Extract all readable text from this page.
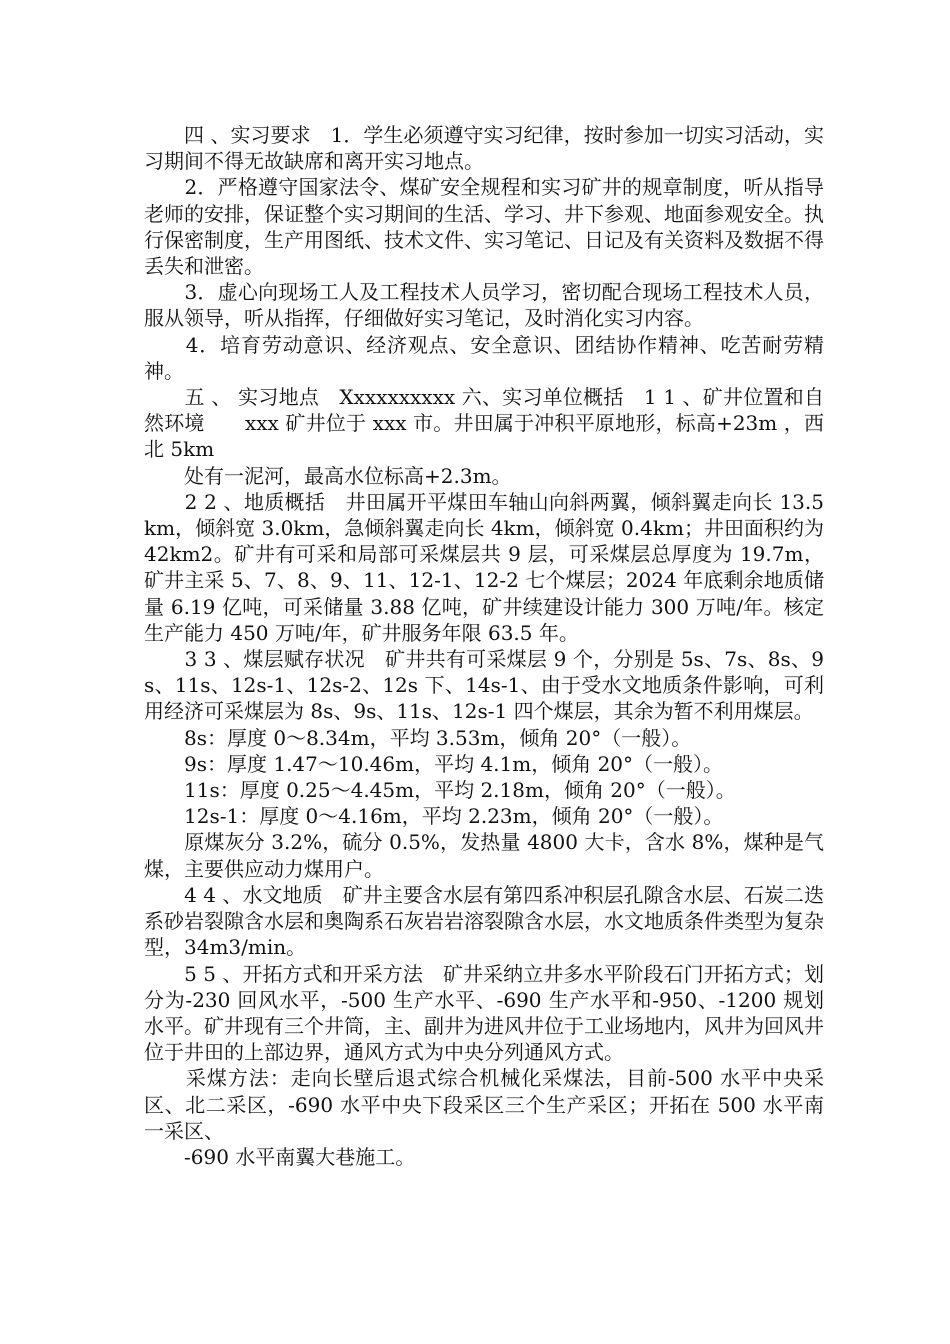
　　四 、实习要求　1．学生必须遵守实习纪律，按时参加一切实习活动，实习期间不得无故缺席和离开实习地点。

　　2．严格遵守国家法令、煤矿安全规程和实习矿井的规章制度，听从指导老师的安排，保证整个实习期间的生活、学习、井下参观、地面参观安全。执行保密制度，生产用图纸、技术文件、实习笔记、日记及有关资料及数据不得丢失和泄密。

　　3．虚心向现场工人及工程技术人员学习，密切配合现场工程技术人员，服从领导，听从指挥，仔细做好实习笔记，及时消化实习内容。

　　4．培育劳动意识、经济观点、安全意识、团结协作精神、吃苦耐劳精神。

　　五 、 实习地点　Xxxxxxxxxx 六、实习单位概括　1 1 、矿井位置和自然环境　　xxx 矿井位于 xxx 市。井田属于冲积平原地形，标高+23m ，西北 5km

　　处有一泥河，最高水位标高+2.3m。

　　2 2 、地质概括　井田属开平煤田车轴山向斜两翼，倾斜翼走向长 13.5km，倾斜宽 3.0km，急倾斜翼走向长 4km，倾斜宽 0.4km；井田面积约为 42km2。矿井有可采和局部可采煤层共 9 层，可采煤层总厚度为 19.7m，矿井主采 5、7、8、9、11、12-1、12-2 七个煤层；2024 年底剩余地质储量 6.19 亿吨，可采储量 3.88 亿吨，矿井续建设计能力 300 万吨/年。核定生产能力 450 万吨/年，矿井服务年限 63.5 年。

　　3 3 、煤层赋存状况　矿井共有可采煤层 9 个，分别是 5s、7s、8s、9s、11s、12s-1、12s-2、12s 下、14s-1、由于受水文地质条件影响，可利用经济可采煤层为 8s、9s、11s、12s-1 四个煤层，其余为暂不利用煤层。

　　8s：厚度 0～8.34m，平均 3.53m，倾角 20°（一般）。

　　9s：厚度 1.47～10.46m，平均 4.1m，倾角 20°（一般）。

　　11s：厚度 0.25～4.45m，平均 2.18m，倾角 20°（一般）。

　　12s-1：厚度 0～4.16m，平均 2.23m，倾角 20°（一般）。

　　原煤灰分 3.2%，硫分 0.5%，发热量 4800 大卡，含水 8%，煤种是气煤，主要供应动力煤用户。

　　4 4 、水文地质　矿井主要含水层有第四系冲积层孔隙含水层、石炭二迭系砂岩裂隙含水层和奥陶系石灰岩岩溶裂隙含水层，水文地质条件类型为复杂型，34m3/min。

　　5 5 、开拓方式和开采方法　矿井采纳立井多水平阶段石门开拓方式；划分为-230 回风水平，-500 生产水平、-690 生产水平和-950、-1200 规划水平。矿井现有三个井筒，主、副井为进风井位于工业场地内，风井为回风井位于井田的上部边界，通风方式为中央分列通风方式。

　　采煤方法：走向长壁后退式综合机械化采煤法，目前-500 水平中央采区、北二采区，-690 水平中央下段采区三个生产采区；开拓在 500 水平南一采区、

　　-690 水平南翼大巷施工。
